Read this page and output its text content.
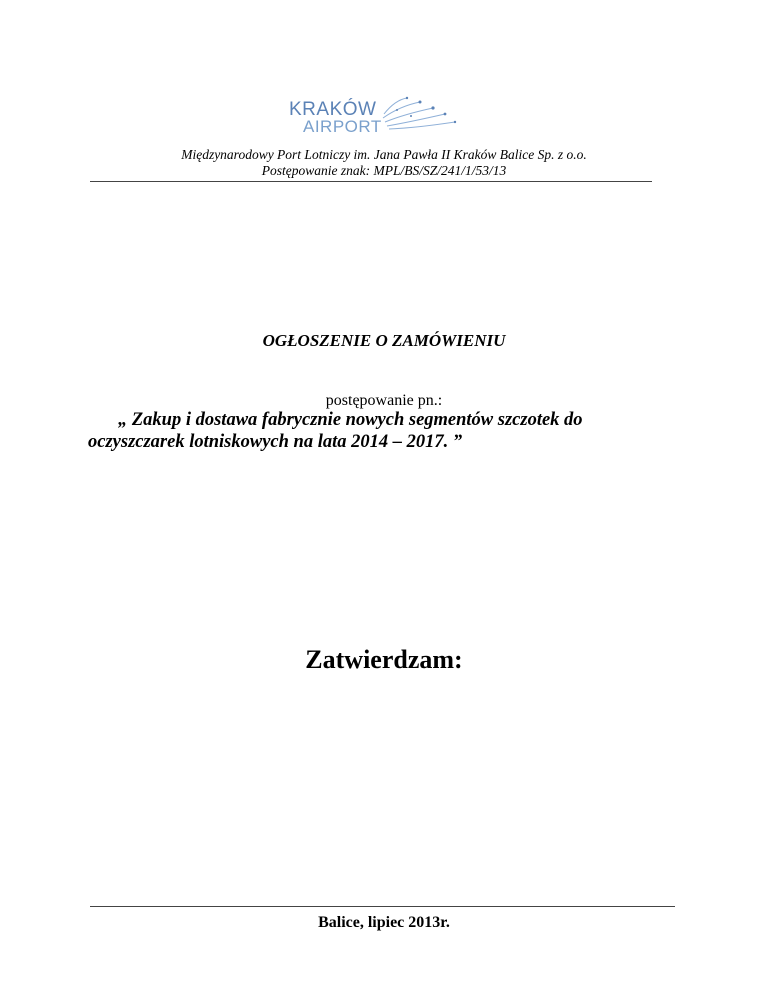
KRAKÓW
AIRPORT
Międzynarodowy Port Lotniczy im. Jana Pawła II Kraków Balice Sp. z o.o.
Postępowanie znak: MPL/BS/SZ/241/1/53/13
OGŁOSZENIE O ZAMÓWIENIU
postępowanie pn.:
„ Zakup i dostawa fabrycznie nowych segmentów szczotek do
oczyszczarek lotniskowych na lata 2014 – 2017. ”
Zatwierdzam:
Balice, lipiec 2013r.
